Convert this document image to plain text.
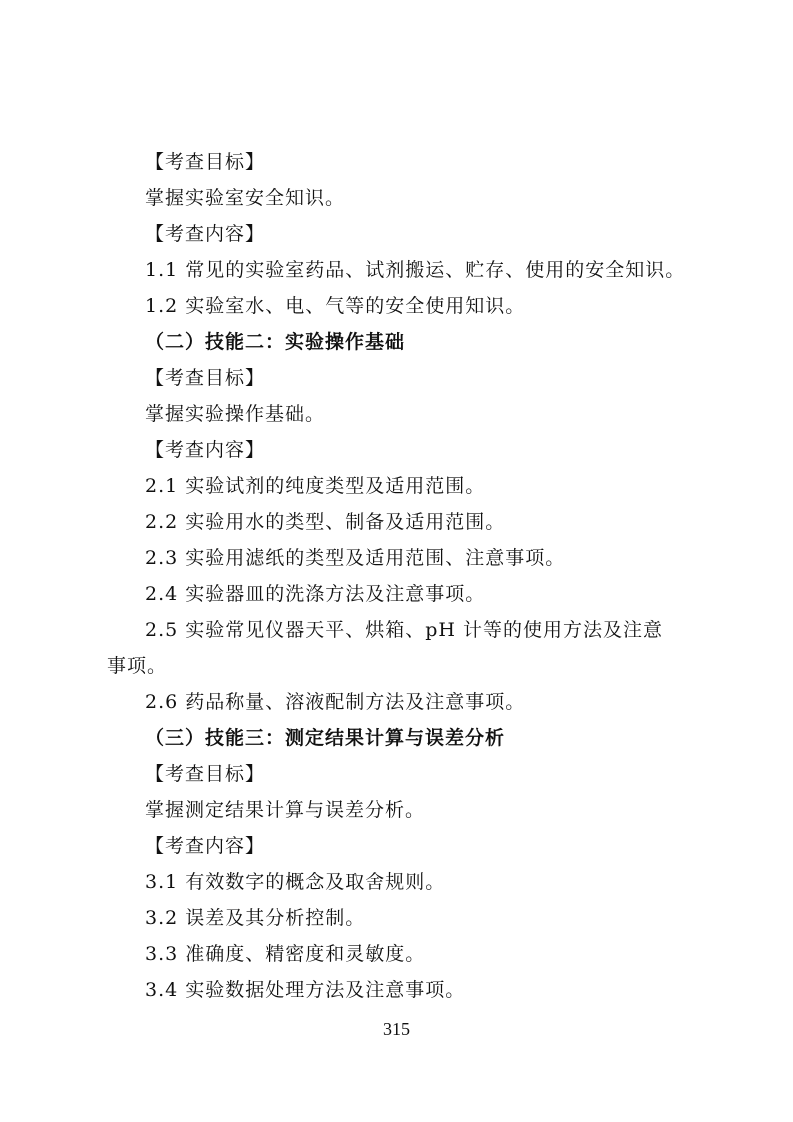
【考查目标】
掌握实验室安全知识。
【考查内容】
1.1 常见的实验室药品、试剂搬运、贮存、使用的安全知识。
1.2 实验室水、电、气等的安全使用知识。
（二）技能二：实验操作基础
【考查目标】
掌握实验操作基础。
【考查内容】
2.1 实验试剂的纯度类型及适用范围。
2.2 实验用水的类型、制备及适用范围。
2.3 实验用滤纸的类型及适用范围、注意事项。
2.4 实验器皿的洗涤方法及注意事项。
2.5 实验常见仪器天平、烘箱、pH 计等的使用方法及注意
事项。
2.6 药品称量、溶液配制方法及注意事项。
（三）技能三：测定结果计算与误差分析
【考查目标】
掌握测定结果计算与误差分析。
【考查内容】
3.1 有效数字的概念及取舍规则。
3.2 误差及其分析控制。
3.3 准确度、精密度和灵敏度。
3.4 实验数据处理方法及注意事项。
315
